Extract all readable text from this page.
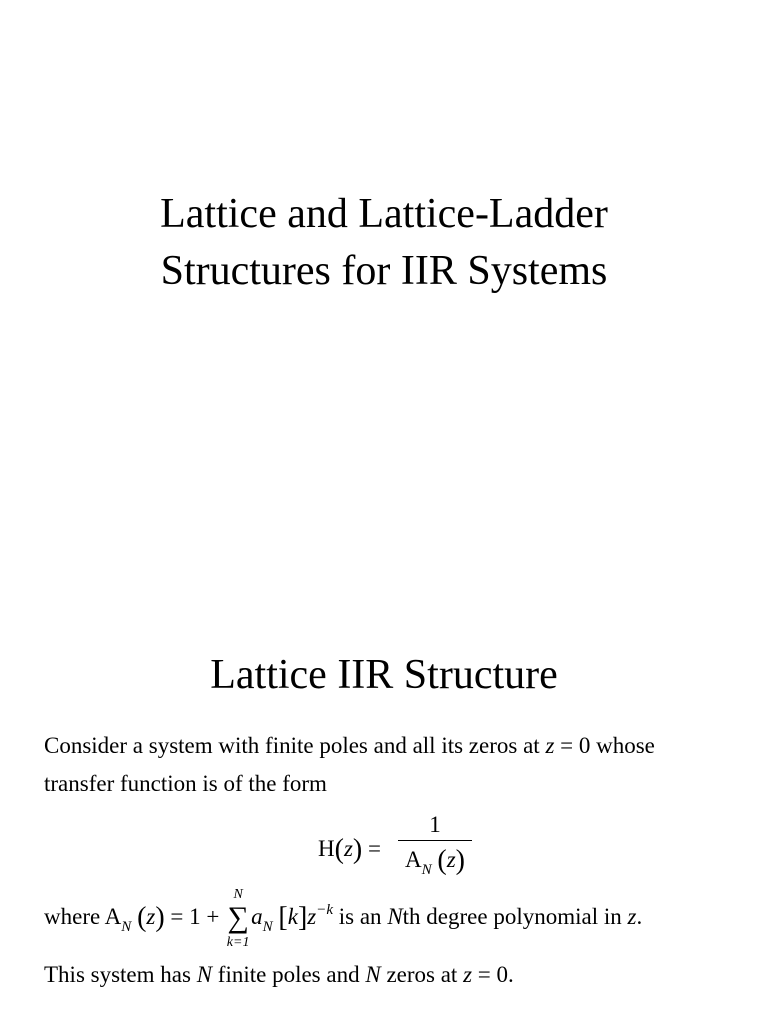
Lattice and Lattice-Ladder
Structures for IIR Systems
Lattice IIR Structure
Consider a system with finite poles and all its zeros at z = 0 whose
transfer function is of the form
H(z) =
1
$A_N$ (z)
where $A_N$ (z) = 1 +
N
∑
k=1
$a_N$ $[k]z^{-k}$ is an Nth degree polynomial in z.
This system has N finite poles and N zeros at z = 0.
